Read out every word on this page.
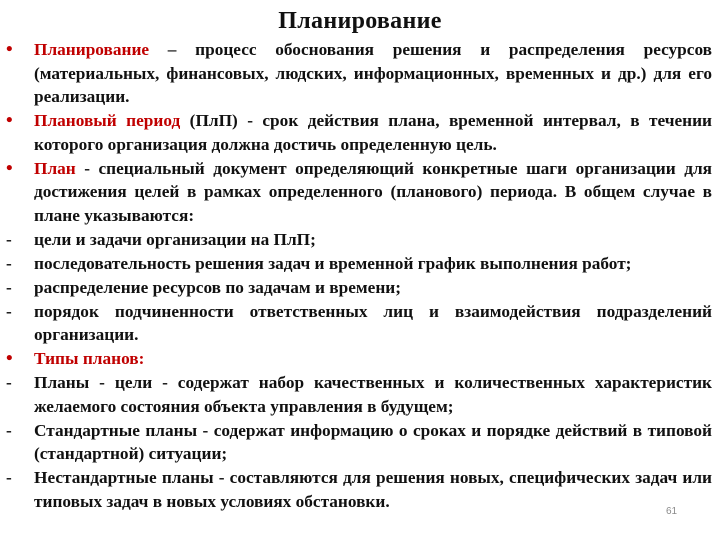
Планирование
•	Планирование – процесс обоснования решения и распределения ресурсов (материальных, финансовых, людских, информационных, временных и др.) для его реализации.
•	Плановый период (ПлП) - срок действия плана, временной интервал, в течении которого организация должна достичь определенную цель.
•	План - специальный документ определяющий конкретные шаги организации для достижения целей в рамках определенного (планового) периода. В общем случае в плане указываются:
-	цели и задачи организации на ПлП;
-	последовательность решения задач и временной график выполнения работ;
-	распределение ресурсов по задачам и времени;
-	порядок подчиненности ответственных лиц и взаимодействия подразделений организации.
•	Типы планов:
-	Планы - цели - содержат набор качественных и количественных характеристик желаемого состояния объекта управления в будущем;
-	Стандартные планы - содержат информацию о сроках и порядке действий в типовой (стандартной) ситуации;
-	Нестандартные планы - составляются для решения новых, специфических задач или типовых задач в новых условиях обстановки.
61
